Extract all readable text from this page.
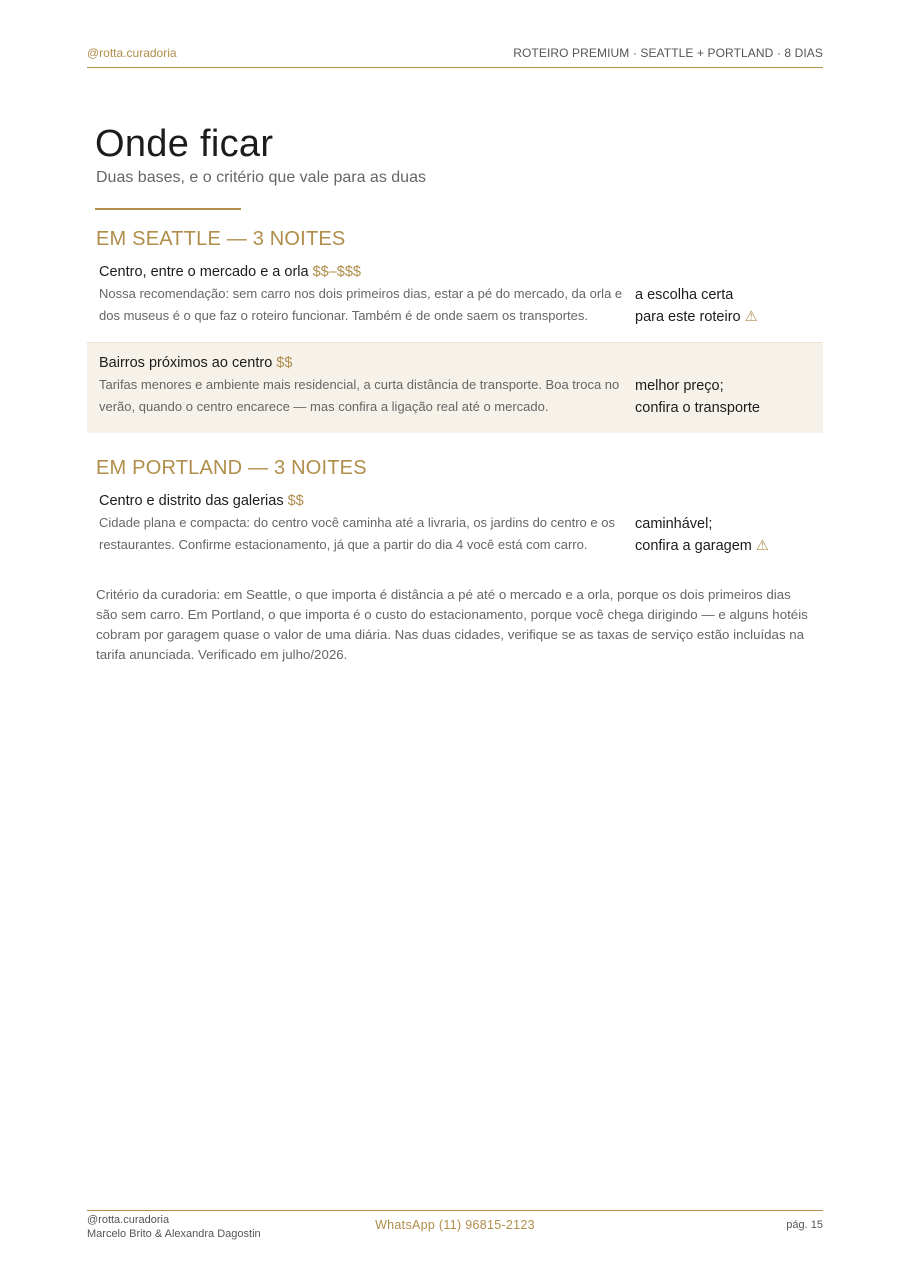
@rotta.curadoria	ROTEIRO PREMIUM · SEATTLE + PORTLAND · 8 DIAS
Onde ficar
Duas bases, e o critério que vale para as duas
EM SEATTLE — 3 NOITES
Centro, entre o mercado e a orla $$–$$$
Nossa recomendação: sem carro nos dois primeiros dias, estar a pé do mercado, da orla e dos museus é o que faz o roteiro funcionar. Também é de onde saem os transportes.
a escolha certa
para este roteiro ⚠
Bairros próximos ao centro $$
Tarifas menores e ambiente mais residencial, a curta distância de transporte. Boa troca no verão, quando o centro encarece — mas confira a ligação real até o mercado.
melhor preço;
confira o transporte
EM PORTLAND — 3 NOITES
Centro e distrito das galerias $$
Cidade plana e compacta: do centro você caminha até a livraria, os jardins do centro e os restaurantes. Confirme estacionamento, já que a partir do dia 4 você está com carro.
caminhável;
confira a garagem ⚠

Critério da curadoria: em Seattle, o que importa é distância a pé até o mercado e a orla, porque os dois primeiros dias são sem carro. Em Portland, o que importa é o custo do estacionamento, porque você chega dirigindo — e alguns hotéis cobram por garagem quase o valor de uma diária. Nas duas cidades, verifique se as taxas de serviço estão incluídas na tarifa anunciada. Verificado em julho/2026.

@rotta.curadoria
Marcelo Brito & Alexandra Dagostin
WhatsApp (11) 96815-2123	pág. 15
